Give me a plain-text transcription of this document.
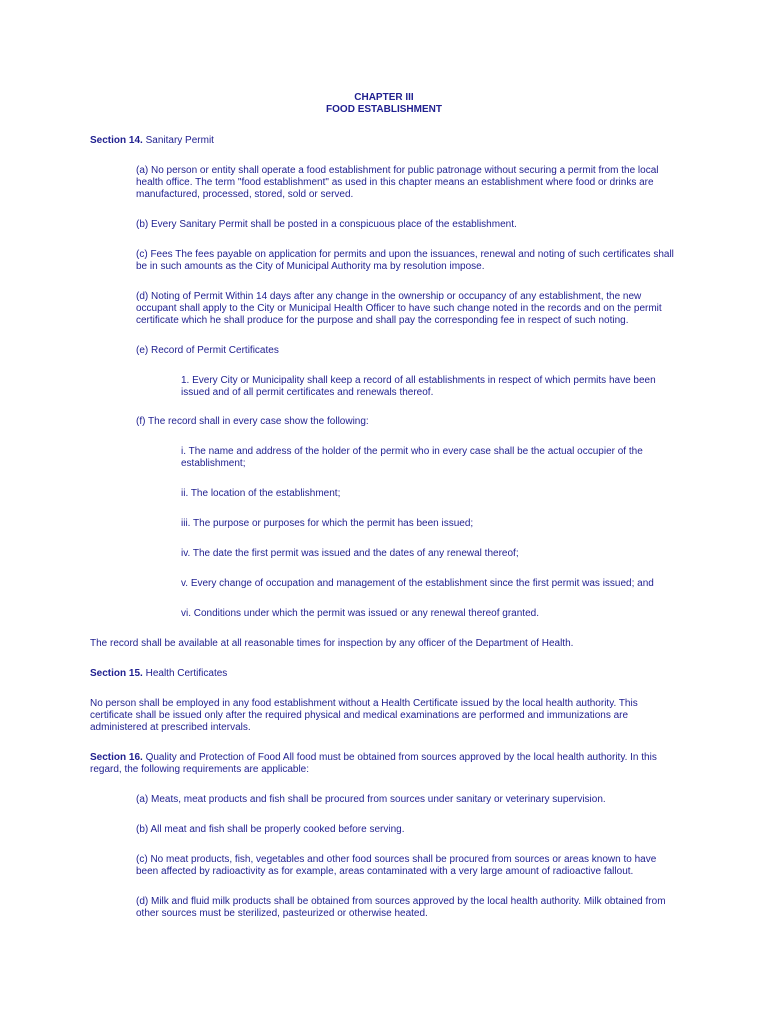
CHAPTER III
FOOD ESTABLISHMENT

Section 14. Sanitary Permit

(a) No person or entity shall operate a food establishment for public patronage without securing a permit from the local health office. The term "food establishment" as used in this chapter means an establishment where food or drinks are manufactured, processed, stored, sold or served.

(b) Every Sanitary Permit shall be posted in a conspicuous place of the establishment.

(c) Fees The fees payable on application for permits and upon the issuances, renewal and noting of such certificates shall be in such amounts as the City of Municipal Authority ma by resolution impose.

(d) Noting of Permit Within 14 days after any change in the ownership or occupancy of any establishment, the new occupant shall apply to the City or Municipal Health Officer to have such change noted in the records and on the permit certificate which he shall produce for the purpose and shall pay the corresponding fee in respect of such noting.

(e) Record of Permit Certificates

1. Every City or Municipality shall keep a record of all establishments in respect of which permits have been issued and of all permit certificates and renewals thereof.

(f) The record shall in every case show the following:

i. The name and address of the holder of the permit who in every case shall be the actual occupier of the establishment;

ii. The location of the establishment;

iii. The purpose or purposes for which the permit has been issued;

iv. The date the first permit was issued and the dates of any renewal thereof;

v. Every change of occupation and management of the establishment since the first permit was issued; and

vi. Conditions under which the permit was issued or any renewal thereof granted.

The record shall be available at all reasonable times for inspection by any officer of the Department of Health.

Section 15. Health Certificates

No person shall be employed in any food establishment without a Health Certificate issued by the local health authority. This certificate shall be issued only after the required physical and medical examinations are performed and immunizations are administered at prescribed intervals.

Section 16. Quality and Protection of Food All food must be obtained from sources approved by the local health authority. In this regard, the following requirements are applicable:

(a) Meats, meat products and fish shall be procured from sources under sanitary or veterinary supervision.

(b) All meat and fish shall be properly cooked before serving.

(c) No meat products, fish, vegetables and other food sources shall be procured from sources or areas known to have been affected by radioactivity as for example, areas contaminated with a very large amount of radioactive fallout.

(d) Milk and fluid milk products shall be obtained from sources approved by the local health authority. Milk obtained from other sources must be sterilized, pasteurized or otherwise heated.
